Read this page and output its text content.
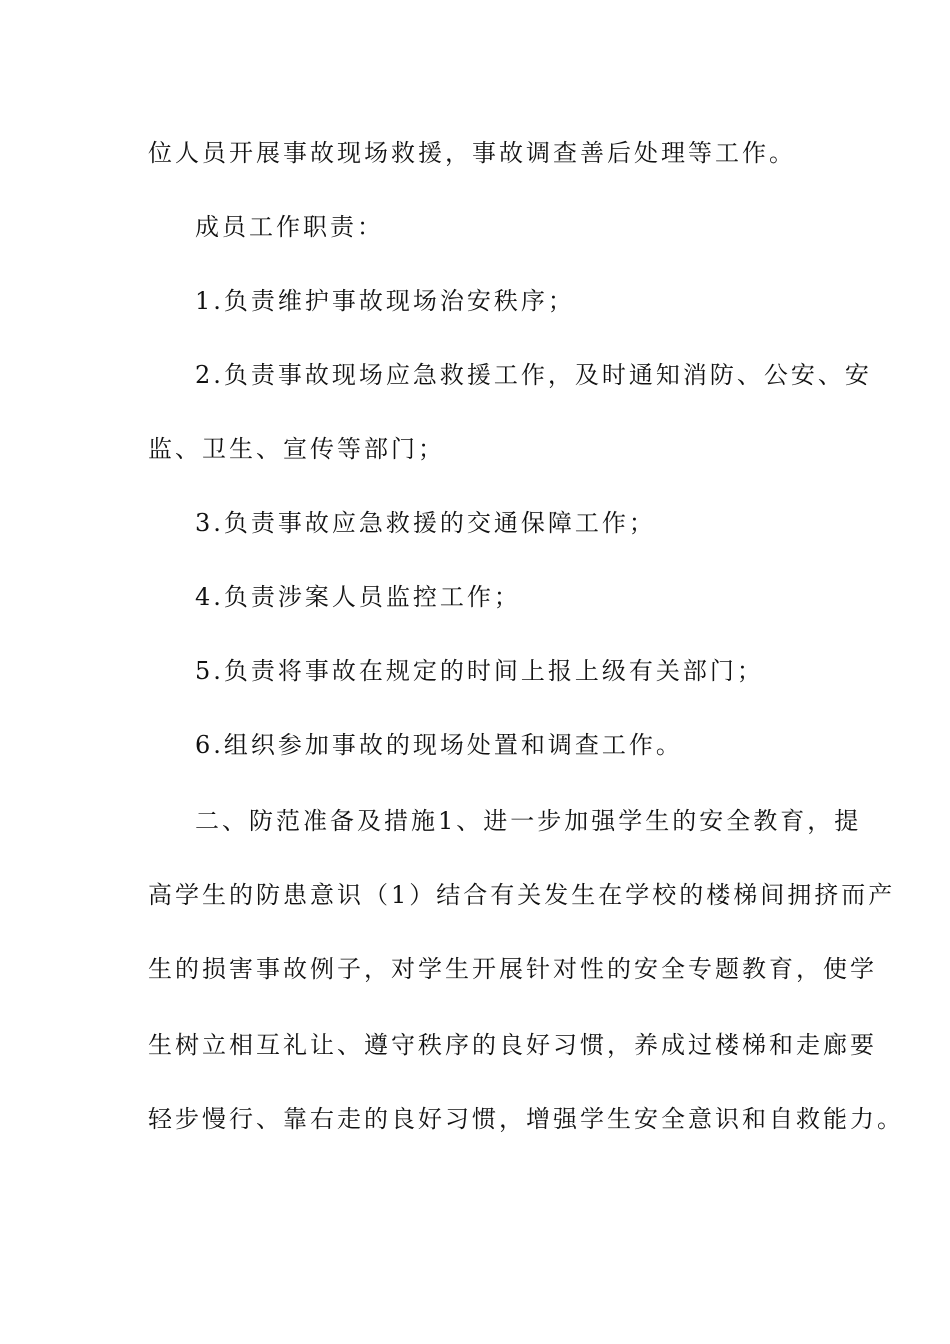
位人员开展事故现场救援，事故调查善后处理等工作。
成员工作职责：
1.负责维护事故现场治安秩序；
2.负责事故现场应急救援工作，及时通知消防、公安、安
监、卫生、宣传等部门；
3.负责事故应急救援的交通保障工作；
4.负责涉案人员监控工作；
5.负责将事故在规定的时间上报上级有关部门；
6.组织参加事故的现场处置和调查工作。
二、防范准备及措施1、进一步加强学生的安全教育，提
高学生的防患意识（1）结合有关发生在学校的楼梯间拥挤而产
生的损害事故例子，对学生开展针对性的安全专题教育，使学
生树立相互礼让、遵守秩序的良好习惯，养成过楼梯和走廊要
轻步慢行、靠右走的良好习惯，增强学生安全意识和自救能力。
